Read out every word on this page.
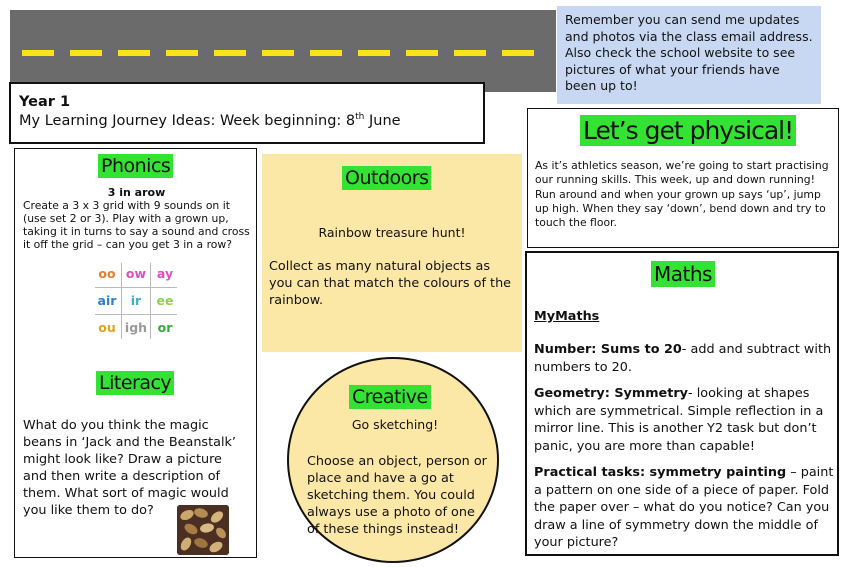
Remember you can send me updates and photos via the class email address. Also check the school website to see pictures of what your friends have been up to!
Year 1
My Learning Journey Ideas: Week beginning: 8th June
Phonics
3 in arow
Create a 3 x 3 grid with 9 sounds on it (use set 2 or 3). Play with a grown up, taking it in turns to say a sound and cross it off the grid – can you get 3 in a row?
oo ow ay
air	ir	ee
ou igh or
Literacy
What do you think the magic beans in ‘Jack and the Beanstalk’ might look like? Draw a picture and then write a description of them. What sort of magic would you like them to do?
Outdoors
Rainbow treasure hunt!
Collect as many natural objects as you can that match the colours of the rainbow.
Creative
Go sketching!
Choose an object, person or place and have a go at sketching them. You could always use a photo of one of these things instead!
Let’s get physical!
As it’s athletics season, we’re going to start practising our running skills. This week, up and down running! Run around and when your grown up says ‘up’, jump up high. When they say ‘down’, bend down and try to touch the floor.
Maths
MyMaths
Number: Sums to 20- add and subtract with numbers to 20.
Geometry: Symmetry- looking at shapes which are symmetrical. Simple reflection in a mirror line. This is another Y2 task but don’t panic, you are more than capable!
Practical tasks: symmetry painting – paint a pattern on one side of a piece of paper. Fold the paper over – what do you notice? Can you draw a line of symmetry down the middle of your picture?
